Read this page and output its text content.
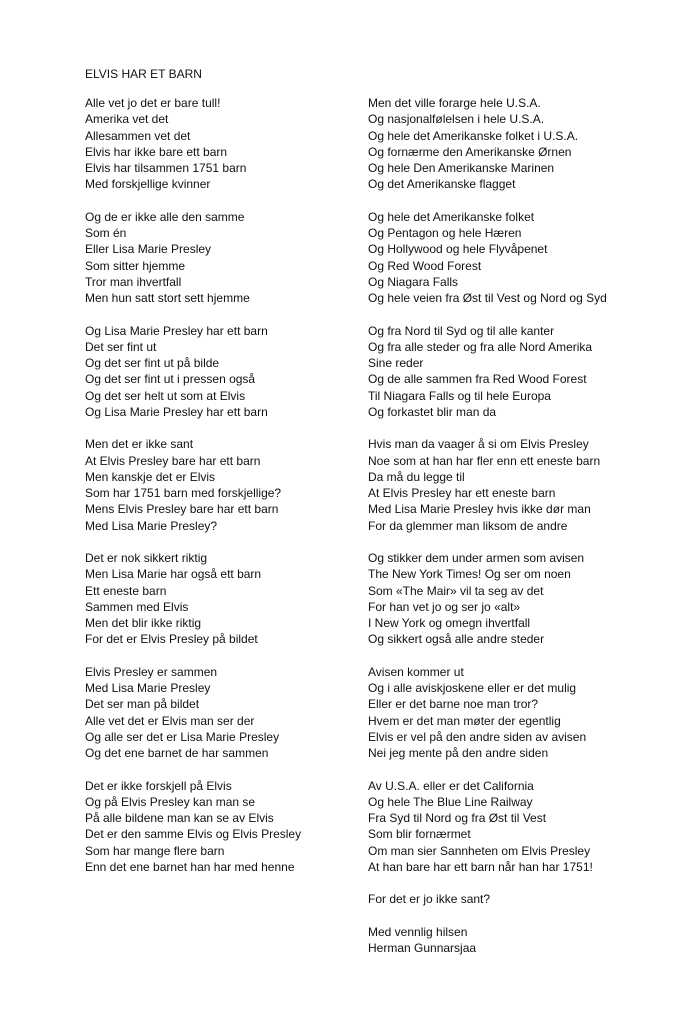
ELVIS HAR ET BARN
Alle vet jo det er bare tull!
Amerika vet det
Allesammen vet det
Elvis har ikke bare ett barn
Elvis har tilsammen 1751 barn
Med forskjellige kvinner
Og de er ikke alle den samme
Som én
Eller Lisa Marie Presley
Som sitter hjemme
Tror man ihvertfall
Men hun satt stort sett hjemme
Og Lisa Marie Presley har ett barn
Det ser fint ut
Og det ser fint ut på bilde
Og det ser fint ut i pressen også
Og det ser helt ut som at Elvis
Og Lisa Marie Presley har ett barn
Men det er ikke sant
At Elvis Presley bare har ett barn
Men kanskje det er Elvis
Som har 1751 barn med forskjellige?
Mens Elvis Presley bare har ett barn
Med Lisa Marie Presley?
Det er nok sikkert riktig
Men Lisa Marie har også ett barn
Ett eneste barn
Sammen med Elvis
Men det blir ikke riktig
For det er Elvis Presley på bildet
Elvis Presley er sammen
Med Lisa Marie Presley
Det ser man på bildet
Alle vet det er Elvis man ser der
Og alle ser det er Lisa Marie Presley
Og det ene barnet de har sammen
Det er ikke forskjell på Elvis
Og på Elvis Presley kan man se
På alle bildene man kan se av Elvis
Det er den samme Elvis og Elvis Presley
Som har mange flere barn
Enn det ene barnet han har med henne
Men det ville forarge hele U.S.A.
Og nasjonalfølelsen i hele U.S.A.
Og hele det Amerikanske folket i U.S.A.
Og fornærme den Amerikanske Ørnen
Og hele Den Amerikanske Marinen
Og det Amerikanske flagget
Og hele det Amerikanske folket
Og Pentagon og hele Hæren
Og Hollywood og hele Flyvåpenet
Og Red Wood Forest
Og Niagara Falls
Og hele veien fra Øst til Vest og Nord og Syd
Og fra Nord til Syd og til alle kanter
Og fra alle steder og fra alle Nord Amerika
Sine reder
Og de alle sammen fra Red Wood Forest
Til Niagara Falls og til hele Europa
Og forkastet blir man da
Hvis man da vaager å si om Elvis Presley
Noe som at han har fler enn ett eneste barn
Da må du legge til
At Elvis Presley har ett eneste barn
Med Lisa Marie Presley hvis ikke dør man
For da glemmer man liksom de andre
Og stikker dem under armen som avisen
The New York Times! Og ser om noen
Som «The Mair» vil ta seg av det
For han vet jo og ser jo «alt»
I New York og omegn ihvertfall
Og sikkert også alle andre steder
Avisen kommer ut
Og i alle aviskjoskene eller er det mulig
Eller er det barne noe man tror?
Hvem er det man møter der egentlig
Elvis er vel på den andre siden av avisen
Nei jeg mente på den andre siden
Av U.S.A. eller er det California
Og hele The Blue Line Railway
Fra Syd til Nord og fra Øst til Vest
Som blir fornærmet
Om man sier Sannheten om Elvis Presley
At han bare har ett barn når han har 1751!
For det er jo ikke sant?
Med vennlig hilsen
Herman Gunnarsjaa
